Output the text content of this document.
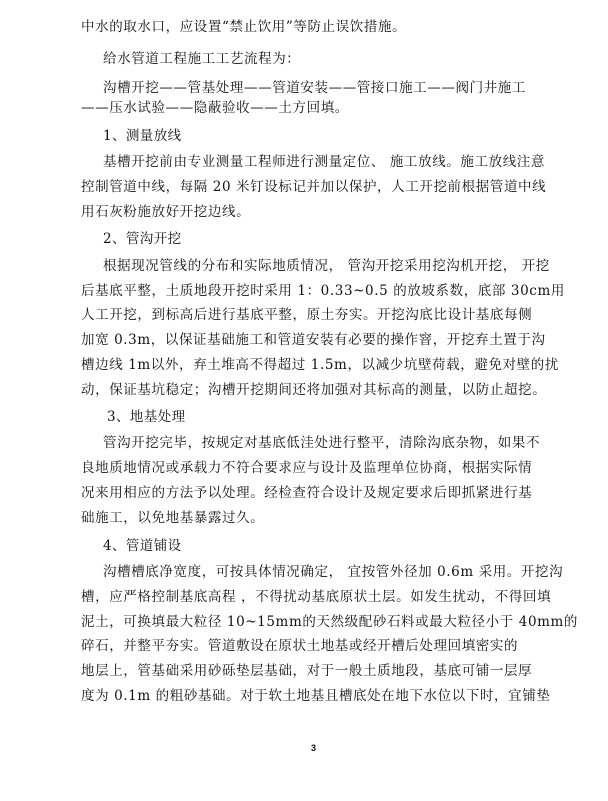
中水的取水口，应设置“禁止饮用”等防止误饮措施。
给水管道工程施工工艺流程为：
沟槽开挖——管基处理——管道安装——管接口施工——阀门井施工
——压水试验——隐蔽验收——土方回填。
1、测量放线
基槽开挖前由专业测量工程师进行测量定位、 施工放线。施工放线注意
控制管道中线，每隔 20 米钉设标记并加以保护，人工开挖前根据管道中线
用石灰粉施放好开挖边线。
2、管沟开挖
根据现况管线的分布和实际地质情况， 管沟开挖采用挖沟机开挖， 开挖
后基底平整，土质地段开挖时采用 1：0.33~0.5 的放坡系数，底部 30cm用
人工开挖，到标高后进行基底平整，原土夯实。开挖沟底比设计基底每侧
加宽 0.3m，以保证基础施工和管道安装有必要的操作窨，开挖弃土置于沟
槽边线 1m以外，弃土堆高不得超过 1.5m，以减少坑壁荷载，避免对壁的扰
动，保证基坑稳定；沟槽开挖期间还将加强对其标高的测量，以防止超挖。
3、地基处理
管沟开挖完毕，按规定对基底低洼处进行整平，清除沟底杂物，如果不
良地质地情况或承载力不符合要求应与设计及监理单位协商，根据实际情
况来用相应的方法予以处理。经检查符合设计及规定要求后即抓紧进行基
础施工，以免地基暴露过久。
4、管道铺设
沟槽槽底净宽度，可按具体情况确定， 宜按管外径加 0.6m 采用。开挖沟
槽，应严格控制基底高程 ，不得扰动基底原状土层。如发生扰动，不得回填
泥土，可换填最大粒径 10~15mm的天然级配砂石料或最大粒径小于 40mm的
碎石，并整平夯实。管道敷设在原状土地基或经开槽后处理回填密实的
地层上，管基础采用砂砾垫层基础，对于一般土质地段，基底可铺一层厚
度为 0.1m 的粗砂基础。对于软土地基且槽底处在地下水位以下时，宜铺垫
3
